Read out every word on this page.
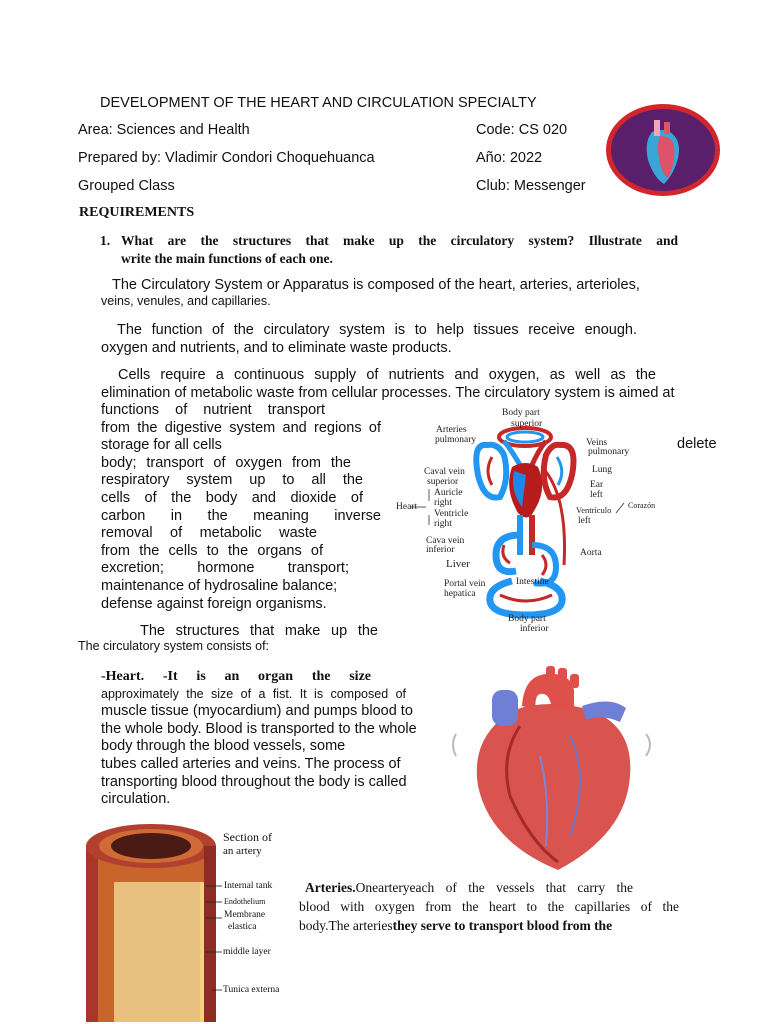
DEVELOPMENT OF THE HEART AND CIRCULATION SPECIALTY
Area: Sciences and Health	Code: CS 020
Prepared by: Vladimir Condori Choquehuanca	Año: 2022
Grouped Class	Club: Messenger
REQUIREMENTS
1. What are the structures that make up the circulatory system? Illustrate and
write the main functions of each one.
The Circulatory System or Apparatus is composed of the heart, arteries, arterioles,
veins, venules, and capillaries.
The function of the circulatory system is to help tissues receive enough.
oxygen and nutrients, and to eliminate waste products.
Cells require a continuous supply of nutrients and oxygen, as well as the
elimination of metabolic waste from cellular processes. The circulatory system is aimed at
functions of nutrient transport
from the digestive system and regions of
storage for all cells
body; transport of oxygen from the
respiratory system up to all the
cells of the body and dioxide of
carbon in the meaning inverse
removal of metabolic waste
from the cells to the organs of
excretion; hormone transport;
maintenance of hydrosaline balance;
defense against foreign organisms.
The structures that make up the
The circulatory system consists of:
delete
Body part
superior
Arteries
pulmonary	Veins
pulmonary
Caval vein
superior
Lung
Ear
left
Auricle
right
Heart
Ventricle
right
Ventrículo
left
Corazón
Cava vein
inferior	Aorta
Liver
Intestine
Portal vein
hepatica
Body part
inferior
-Heart. -It is an organ the size
approximately the size of a fist. It is composed of
muscle tissue (myocardium) and pumps blood to
the whole body. Blood is transported to the whole
body through the blood vessels, some
tubes called arteries and veins. The process of
transporting blood throughout the body is called
circulation.
Section of
an artery
Internal tank
Endothelium
Membrane
elastica
middle layer
Tunica externa
Arteries.Onearteryeach of the vessels that carry the
blood with oxygen from the heart to the capillaries of the
body.The arteriesthey serve to transport blood from the
